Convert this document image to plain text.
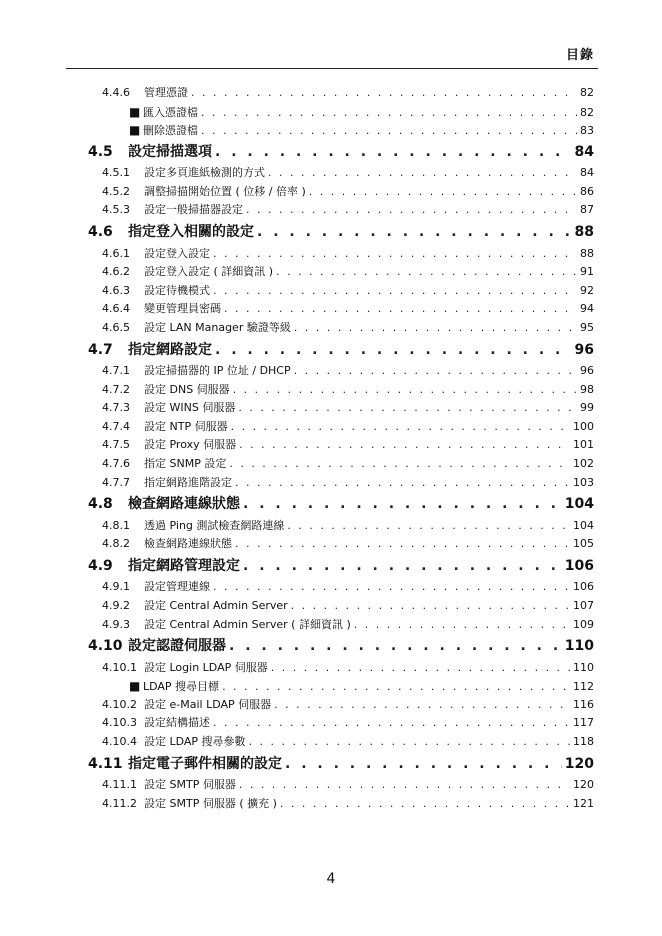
目錄
4.4.6	管理憑證 . . .	82
■ 匯入憑證檔 . . .	82
■ 刪除憑證檔 . . .	83
4.5	設定掃描選項 . . .	84
4.5.1	設定多頁進紙檢測的方式 . . .	84
4.5.2	調整掃描開始位置 ( 位移 / 倍率 ) . . .	86
4.5.3	設定一般掃描器設定 . . .	87
4.6	指定登入相關的設定 . . .	88
4.6.1	設定登入設定 . . .	88
4.6.2	設定登入設定 ( 詳細資訊 ) . . .	91
4.6.3	設定待機模式 . . .	92
4.6.4	變更管理員密碼 . . .	94
4.6.5	設定 LAN Manager 驗證等級 . . .	95
4.7	指定網路設定 . . .	96
4.7.1	設定掃描器的 IP 位址 / DHCP . . .	96
4.7.2	設定 DNS 伺服器 . . .	98
4.7.3	設定 WINS 伺服器 . . .	99
4.7.4	設定 NTP 伺服器 . . .	100
4.7.5	設定 Proxy 伺服器 . . .	101
4.7.6	指定 SNMP 設定 . . .	102
4.7.7	指定網路進階設定 . . .	103
4.8	檢查網路連線狀態 . . .	104
4.8.1	透過 Ping 測試檢查網路連線 . . .	104
4.8.2	檢查網路連線狀態 . . .	105
4.9	指定網路管理設定 . . .	106
4.9.1	設定管理連線 . . .	106
4.9.2	設定 Central Admin Server . . .	107
4.9.3	設定 Central Admin Server ( 詳細資訊 ) . . .	109
4.10 設定認證伺服器 . . .	110
4.10.1 設定 Login LDAP 伺服器 . . .	110
■ LDAP 搜尋目標 . . .	112
4.10.2 設定 e-Mail LDAP 伺服器 . . .	116
4.10.3 設定結構描述 . . .	117
4.10.4 設定 LDAP 搜尋參數 . . .	118
4.11 指定電子郵件相關的設定 . . .	120
4.11.1 設定 SMTP 伺服器 . . .	120
4.11.2 設定 SMTP 伺服器 ( 擴充 ) . . .	121
4
